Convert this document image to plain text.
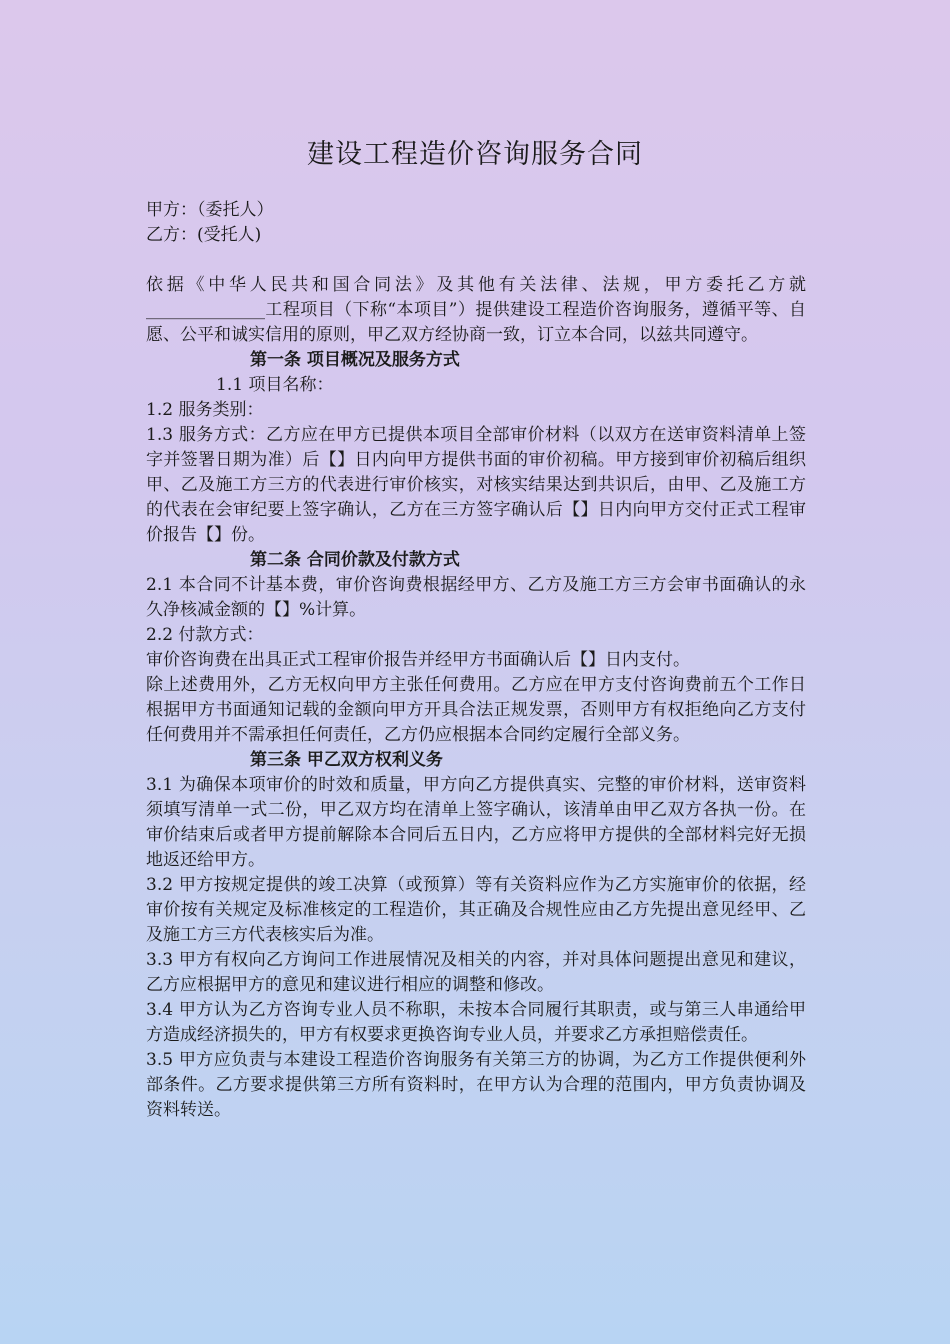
建设工程造价咨询服务合同

甲方：（委托人）

乙方：(受托人)

依据《中华人民共和国合同法》及其他有关法律、法规，甲方委托乙方就______________工程项目（下称“本项目”）提供建设工程造价咨询服务，遵循平等、自愿、公平和诚实信用的原则，甲乙双方经协商一致，订立本合同，以兹共同遵守。

第一条 项目概况及服务方式

1.1 项目名称：

1.2 服务类别：

1.3 服务方式：乙方应在甲方已提供本项目全部审价材料（以双方在送审资料清单上签字并签署日期为准）后【】日内向甲方提供书面的审价初稿。甲方接到审价初稿后组织甲、乙及施工方三方的代表进行审价核实，对核实结果达到共识后，由甲、乙及施工方的代表在会审纪要上签字确认，乙方在三方签字确认后【】日内向甲方交付正式工程审价报告【】份。

第二条 合同价款及付款方式

2.1 本合同不计基本费，审价咨询费根据经甲方、乙方及施工方三方会审书面确认的永久净核减金额的【】%计算。

2.2 付款方式：

审价咨询费在出具正式工程审价报告并经甲方书面确认后【】日内支付。

除上述费用外，乙方无权向甲方主张任何费用。乙方应在甲方支付咨询费前五个工作日根据甲方书面通知记载的金额向甲方开具合法正规发票，否则甲方有权拒绝向乙方支付任何费用并不需承担任何责任，乙方仍应根据本合同约定履行全部义务。

第三条 甲乙双方权利义务

3.1 为确保本项审价的时效和质量，甲方向乙方提供真实、完整的审价材料，送审资料须填写清单一式二份，甲乙双方均在清单上签字确认，该清单由甲乙双方各执一份。在审价结束后或者甲方提前解除本合同后五日内，乙方应将甲方提供的全部材料完好无损地返还给甲方。

3.2 甲方按规定提供的竣工决算（或预算）等有关资料应作为乙方实施审价的依据，经审价按有关规定及标准核定的工程造价，其正确及合规性应由乙方先提出意见经甲、乙及施工方三方代表核实后为准。

3.3 甲方有权向乙方询问工作进展情况及相关的内容，并对具体问题提出意见和建议，乙方应根据甲方的意见和建议进行相应的调整和修改。

3.4 甲方认为乙方咨询专业人员不称职，未按本合同履行其职责，或与第三人串通给甲方造成经济损失的，甲方有权要求更换咨询专业人员，并要求乙方承担赔偿责任。

3.5 甲方应负责与本建设工程造价咨询服务有关第三方的协调，为乙方工作提供便利外部条件。乙方要求提供第三方所有资料时，在甲方认为合理的范围内，甲方负责协调及资料转送。
